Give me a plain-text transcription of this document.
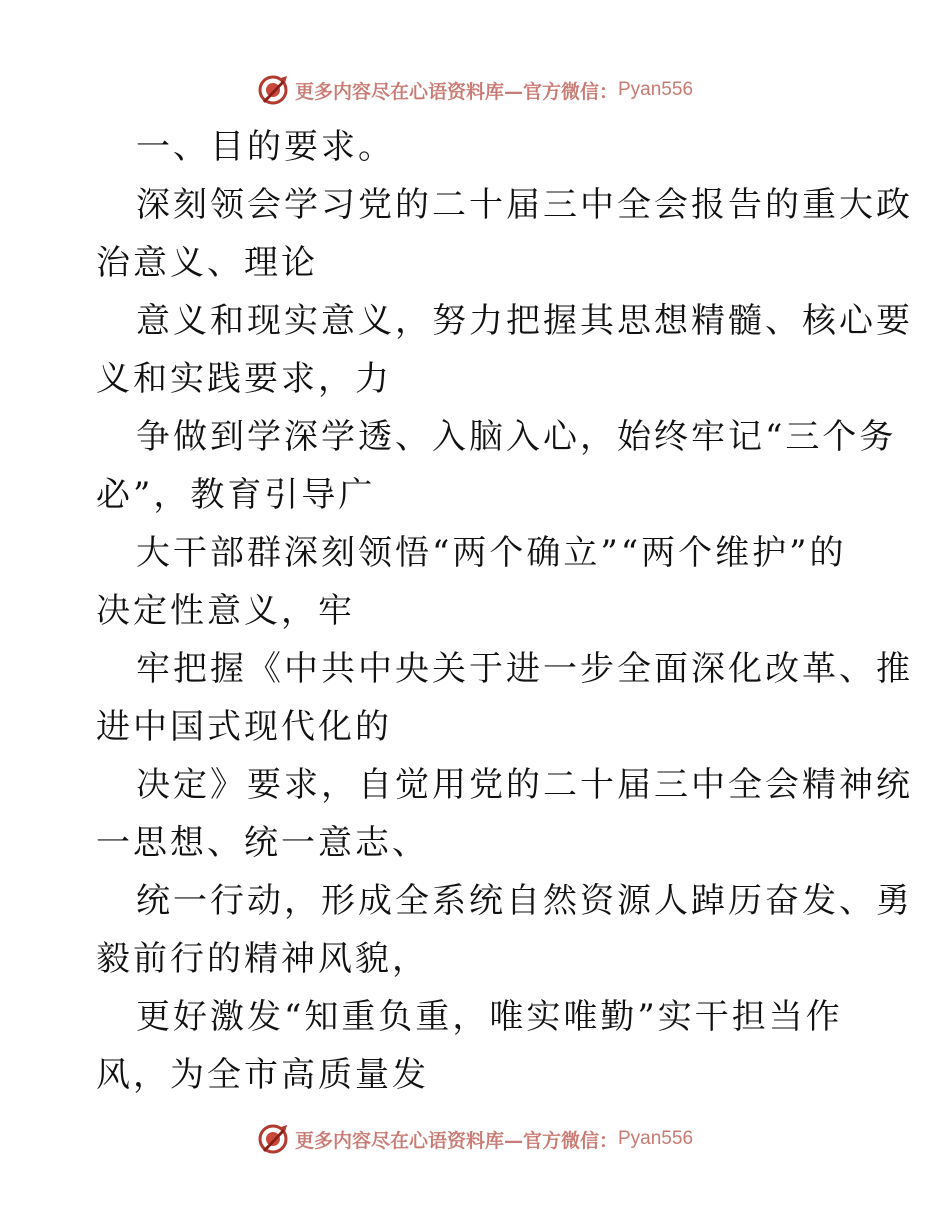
更多内容尽在心语资料库—官方微信： Pyan556
一、目的要求。
深刻领会学习党的二十届三中全会报告的重大政
治意义、理论
意义和现实意义，努力把握其思想精髓、核心要
义和实践要求，力
争做到学深学透、入脑入心，始终牢记“三个务
必”，教育引导广
大干部群深刻领悟“两个确立”“两个维护”的
决定性意义，牢
牢把握《中共中央关于进一步全面深化改革、推
进中国式现代化的
决定》要求，自觉用党的二十届三中全会精神统
一思想、统一意志、
统一行动，形成全系统自然资源人踔历奋发、勇
毅前行的精神风貌，
更好激发“知重负重，唯实唯勤”实干担当作
风，为全市高质量发
更多内容尽在心语资料库—官方微信： Pyan556
